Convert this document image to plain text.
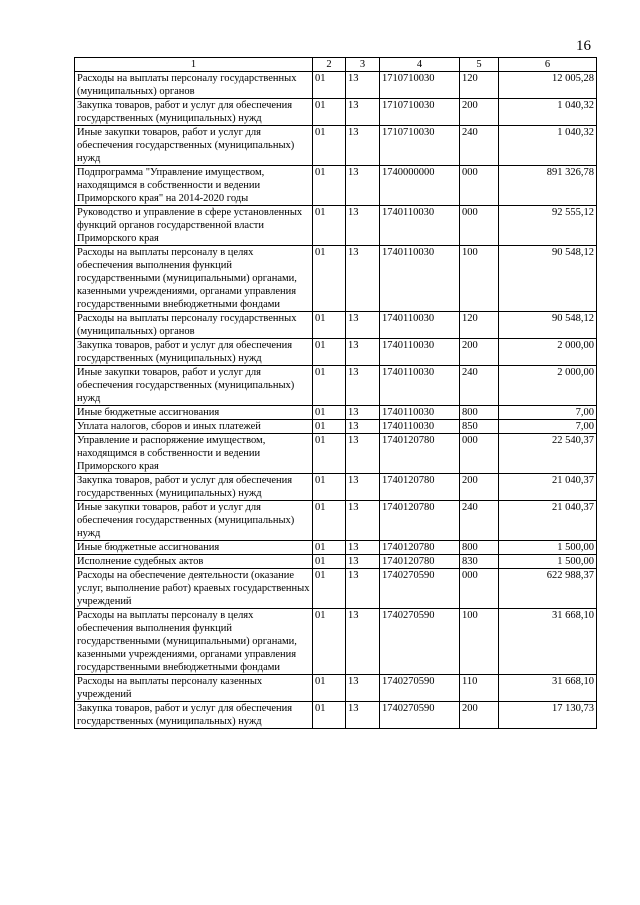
16
1	2	3	4	5	6
Расходы на выплаты персоналу государственных (муниципальных) органов	01	13	1710710030	120	12 005,28
Закупка товаров, работ и услуг для обеспечения государственных (муниципальных) нужд	01	13	1710710030	200	1 040,32
Иные закупки товаров, работ и услуг для обеспечения государственных (муниципальных) нужд	01	13	1710710030	240	1 040,32
Подпрограмма "Управление имуществом, находящимся в собственности и ведении Приморского края" на 2014-2020 годы	01	13	1740000000	000	891 326,78
Руководство и управление в сфере установленных функций органов государственной власти Приморского края	01	13	1740110030	000	92 555,12
Расходы на выплаты персоналу в целях обеспечения выполнения функций государственными (муниципальными) органами, казенными учреждениями, органами управления государственными внебюджетными фондами	01	13	1740110030	100	90 548,12
Расходы на выплаты персоналу государственных (муниципальных) органов	01	13	1740110030	120	90 548,12
Закупка товаров, работ и услуг для обеспечения государственных (муниципальных) нужд	01	13	1740110030	200	2 000,00
Иные закупки товаров, работ и услуг для обеспечения государственных (муниципальных) нужд	01	13	1740110030	240	2 000,00
Иные бюджетные ассигнования	01	13	1740110030	800	7,00
Уплата налогов, сборов и иных платежей	01	13	1740110030	850	7,00
Управление и распоряжение имуществом, находящимся в собственности и ведении Приморского края	01	13	1740120780	000	22 540,37
Закупка товаров, работ и услуг для обеспечения государственных (муниципальных) нужд	01	13	1740120780	200	21 040,37
Иные закупки товаров, работ и услуг для обеспечения государственных (муниципальных) нужд	01	13	1740120780	240	21 040,37
Иные бюджетные ассигнования	01	13	1740120780	800	1 500,00
Исполнение судебных актов	01	13	1740120780	830	1 500,00
Расходы на обеспечение деятельности (оказание услуг, выполнение работ) краевых государственных учреждений	01	13	1740270590	000	622 988,37
Расходы на выплаты персоналу в целях обеспечения выполнения функций государственными (муниципальными) органами, казенными учреждениями, органами управления государственными внебюджетными фондами	01	13	1740270590	100	31 668,10
Расходы на выплаты персоналу казенных учреждений	01	13	1740270590	110	31 668,10
Закупка товаров, работ и услуг для обеспечения государственных (муниципальных) нужд	01	13	1740270590	200	17 130,73
